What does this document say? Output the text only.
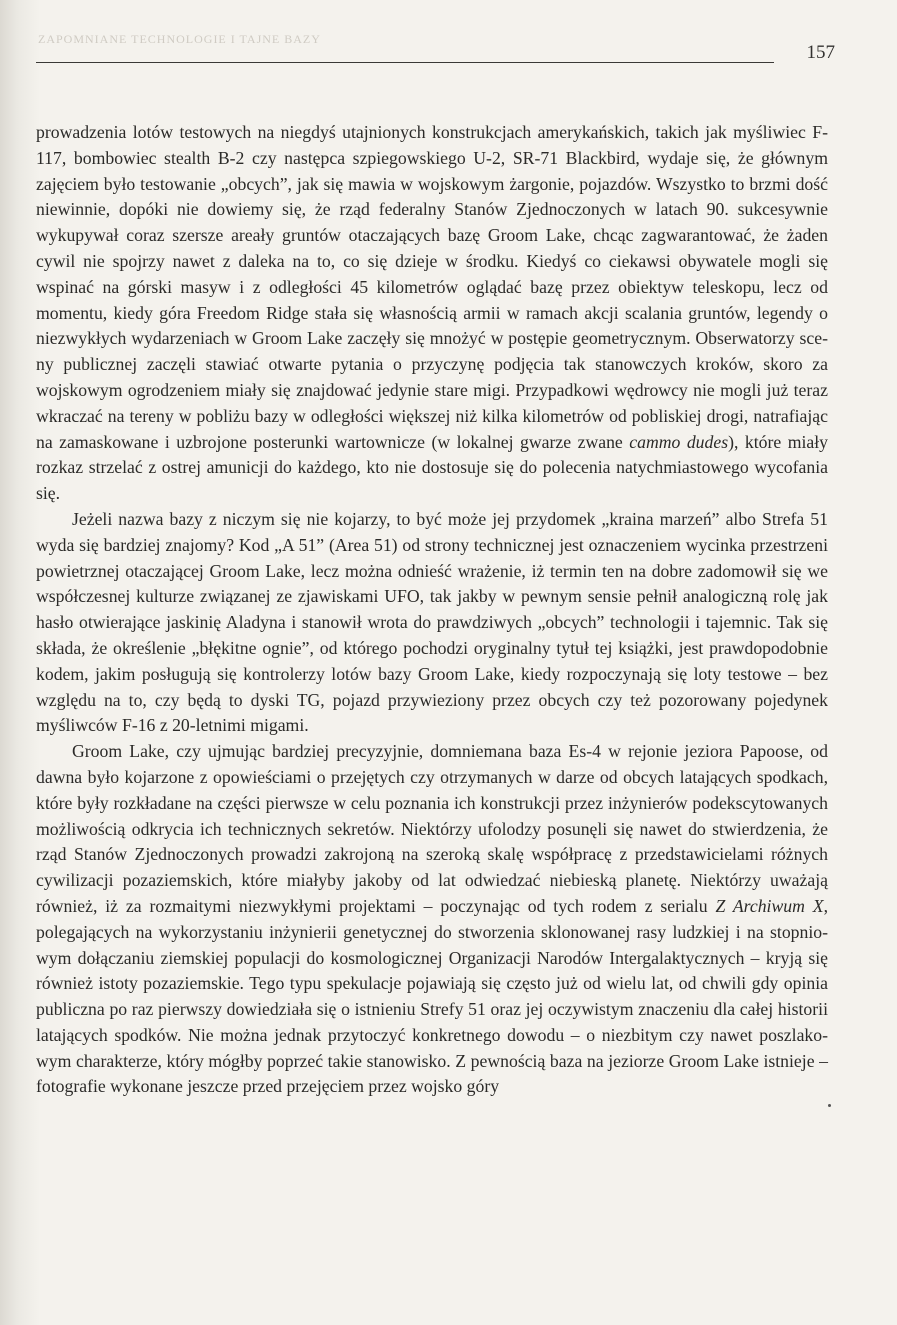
ZAPOMNIANE TECHNOLOGIE I TAJNE BAZY
157

prowadzenia lotów testowych na niegdyś utajnionych konstrukcjach amerykańskich, takich jak myśliwiec F-117, bombowiec stealth B-2 czy następca szpiegowskiego U-2, SR-71 Blackbird, wydaje się, że głównym zajęciem było testowanie „obcych”, jak się mawia w wojskowym żargonie, pojazdów. Wszystko to brzmi dość niewinnie, dopóki nie dowiemy się, że rząd federalny Stanów Zjednoczonych w latach 90. sukcesywnie wykupywał coraz szersze areały gruntów otaczających bazę Groom Lake, chcąc zagwarantować, że żaden cywil nie spojrzy nawet z daleka na to, co się dzieje w środku. Kiedyś co ciekawsi obywatele mogli się wspinać na górski masyw i z odległości 45 kilometrów oglądać bazę przez obiektyw teleskopu, lecz od momentu, kiedy góra Freedom Ridge stała się własnością armii w ramach akcji scalania gruntów, legendy o niezwykłych wydarzeniach w Groom Lake zaczęły się mnożyć w postępie geometrycznym. Obserwatorzy sceny publicznej zaczęli stawiać otwarte pytania o przyczynę podjęcia tak stanowczych kroków, skoro za wojskowym ogrodzeniem miały się znajdować jedynie stare migi. Przypadkowi wędrowcy nie mogli już teraz wkraczać na tereny w pobliżu bazy w odległości większej niż kilka kilometrów od pobliskiej drogi, natrafiając na zamaskowane i uzbrojone posterunki wartownicze (w lokalnej gwarze zwane cammo dudes), które miały rozkaz strzelać z ostrej amunicji do każdego, kto nie dostosuje się do polecenia natychmiastowego wycofania się.

Jeżeli nazwa bazy z niczym się nie kojarzy, to być może jej przydomek „kraina marzeń” albo Strefa 51 wyda się bardziej znajomy? Kod „A 51” (Area 51) od strony technicznej jest oznaczeniem wycinka przestrzeni powietrznej otaczającej Groom Lake, lecz można odnieść wrażenie, iż termin ten na dobre zadomowił się we współczesnej kulturze związanej ze zjawiskami UFO, tak jakby w pewnym sensie pełnił analogiczną rolę jak hasło otwierające jaskinię Aladyna i stanowił wrota do prawdziwych „obcych” technologii i tajemnic. Tak się składa, że określenie „błękitne ognie”, od którego pochodzi oryginalny tytuł tej książki, jest prawdopodobnie kodem, jakim posługują się kontrolerzy lotów bazy Groom Lake, kiedy rozpoczynają się loty testowe – bez względu na to, czy będą to dyski TG, pojazd przywieziony przez obcych czy też pozorowany pojedynek myśliwców F-16 z 20-letnimi migami.

Groom Lake, czy ujmując bardziej precyzyjnie, domniemana baza Es-4 w rejonie jeziora Papoose, od dawna było kojarzone z opowieściami o przejętych czy otrzymanych w darze od obcych latających spodkach, które były rozkładane na części pierwsze w celu poznania ich konstrukcji przez inżynierów podekscytowanych możliwością odkrycia ich technicznych sekretów. Niektórzy ufolodzy posunęli się nawet do stwierdzenia, że rząd Stanów Zjednoczonych prowadzi zakrojoną na szeroką skalę współpracę z przedstawicielami różnych cywilizacji pozaziemskich, które miałyby jakoby od lat odwiedzać niebieską planetę. Niektórzy uważają również, iż za rozmaitymi niezwykłymi projektami – poczynając od tych rodem z serialu Z Archiwum X, polegających na wykorzystaniu inżynierii genetycznej do stworzenia sklonowanej rasy ludzkiej i na stopniowym dołączaniu ziemskiej populacji do kosmologicznej Organizacji Narodów Intergalaktycznych – kryją się również istoty pozaziemskie. Tego typu spekulacje pojawiają się często już od wielu lat, od chwili gdy opinia publiczna po raz pierwszy dowiedziała się o istnieniu Strefy 51 oraz jej oczywistym znaczeniu dla całej historii latających spodków. Nie można jednak przytoczyć konkretnego dowodu – o niezbitym czy nawet poszlakowym charakterze, który mógłby poprzeć takie stanowisko. Z pewnością baza na jeziorze Groom Lake istnieje – fotografie wykonane jeszcze przed przejęciem przez wojsko góry
